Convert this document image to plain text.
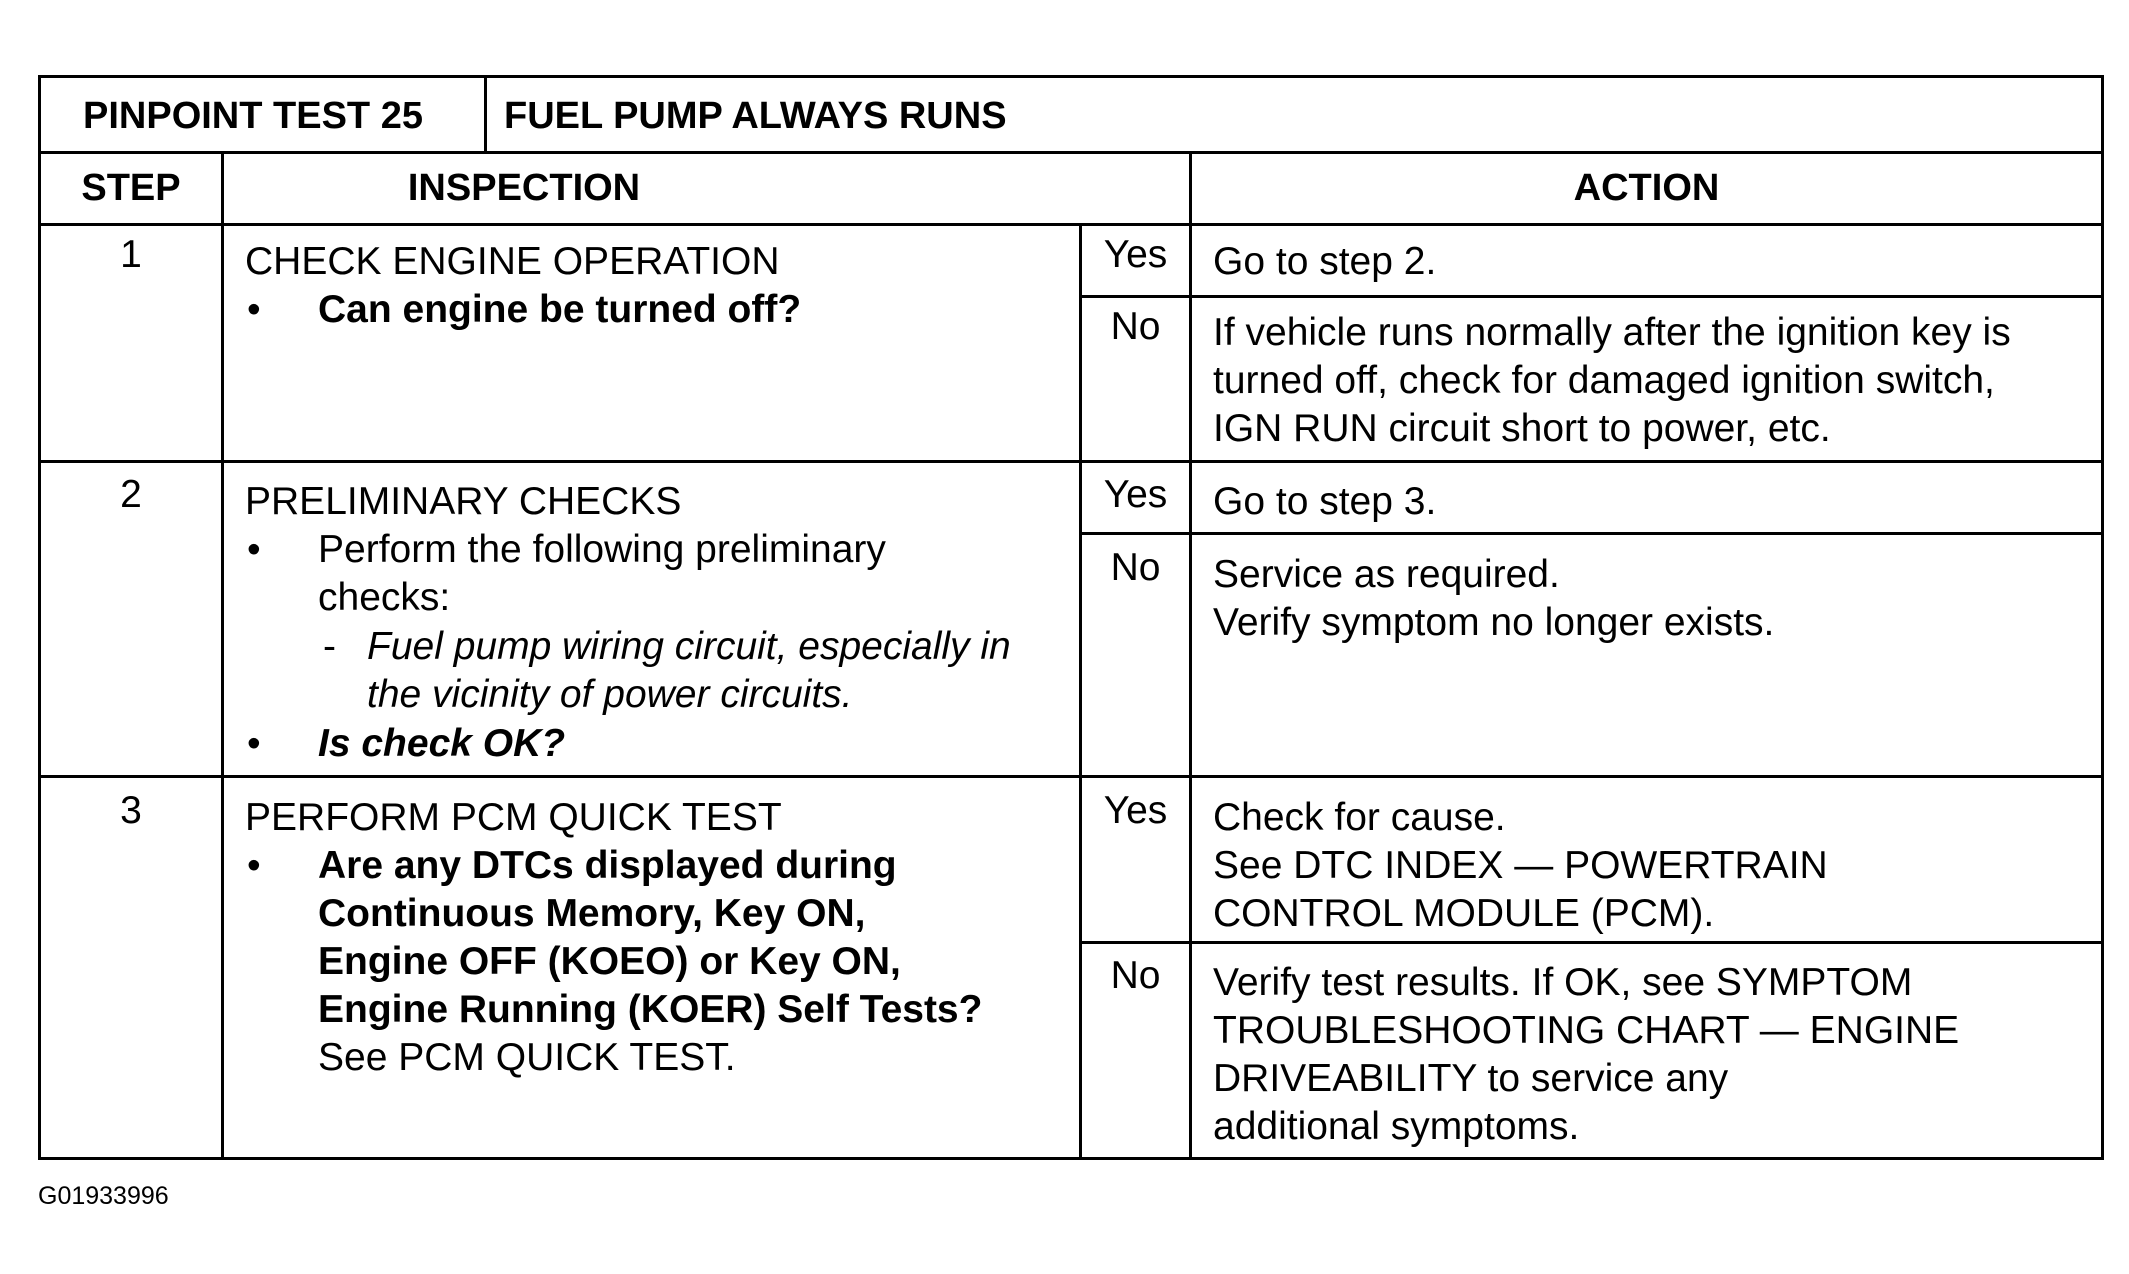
PINPOINT TEST 25 FUEL PUMP ALWAYS RUNS
STEP	INSPECTION	ACTION
1	CHECK ENGINE OPERATION
• Can engine be turned off?
Yes	Go to step 2.
No	If vehicle runs normally after the ignition key is
turned off, check for damaged ignition switch,
IGN RUN circuit short to power, etc.
2	PRELIMINARY CHECKS
• Perform the following preliminary
checks:
- Fuel pump wiring circuit, especially in
the vicinity of power circuits.
• Is check OK?
Yes	Go to step 3.
No	Service as required.
Verify symptom no longer exists.
3	PERFORM PCM QUICK TEST
• Are any DTCs displayed during
Continuous Memory, Key ON,
Engine OFF (KOEO) or Key ON,
Engine Running (KOER) Self Tests?
See PCM QUICK TEST.
Yes	Check for cause.
See DTC INDEX — POWERTRAIN
CONTROL MODULE (PCM).
No	Verify test results. If OK, see SYMPTOM
TROUBLESHOOTING CHART — ENGINE
DRIVEABILITY to service any
additional symptoms.
G01933996
